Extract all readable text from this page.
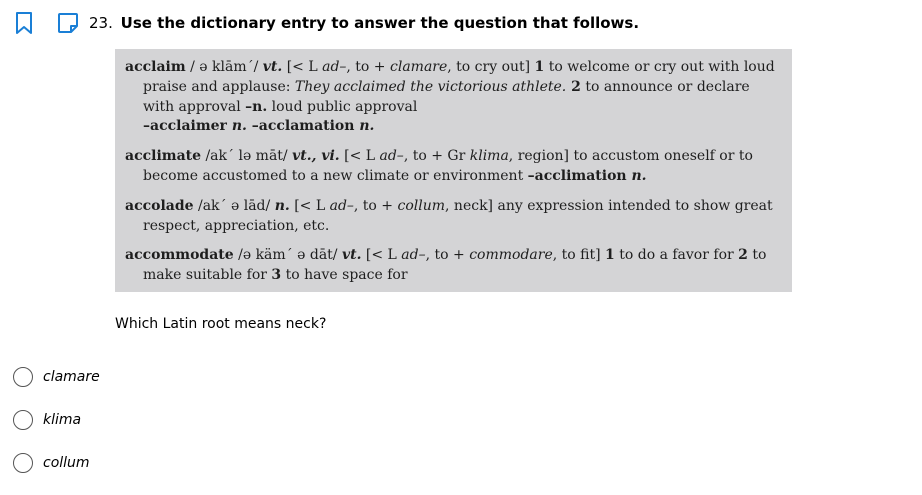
23. Use the dictionary entry to answer the question that follows.

acclaim / ə klām΄/ vt. [< L ad–, to + clamare, to cry out] 1 to welcome or cry out with loud praise and applause: They acclaimed the victorious athlete. 2 to announce or declare with approval –n. loud public approval
–acclaimer n. –acclamation n.

acclimate /ak΄ lə māt/ vt., vi. [< L ad–, to + Gr klima, region] to accustom oneself or to become accustomed to a new climate or environment –acclimation n.

accolade /ak΄ ə lād/ n. [< L ad–, to + collum, neck] any expression intended to show great respect, appreciation, etc.

accommodate /ə käm΄ ə dāt/ vt. [< L ad–, to + commodare, to fit] 1 to do a favor for 2 to make suitable for 3 to have space for

Which Latin root means neck?
clamare
klima
collum
